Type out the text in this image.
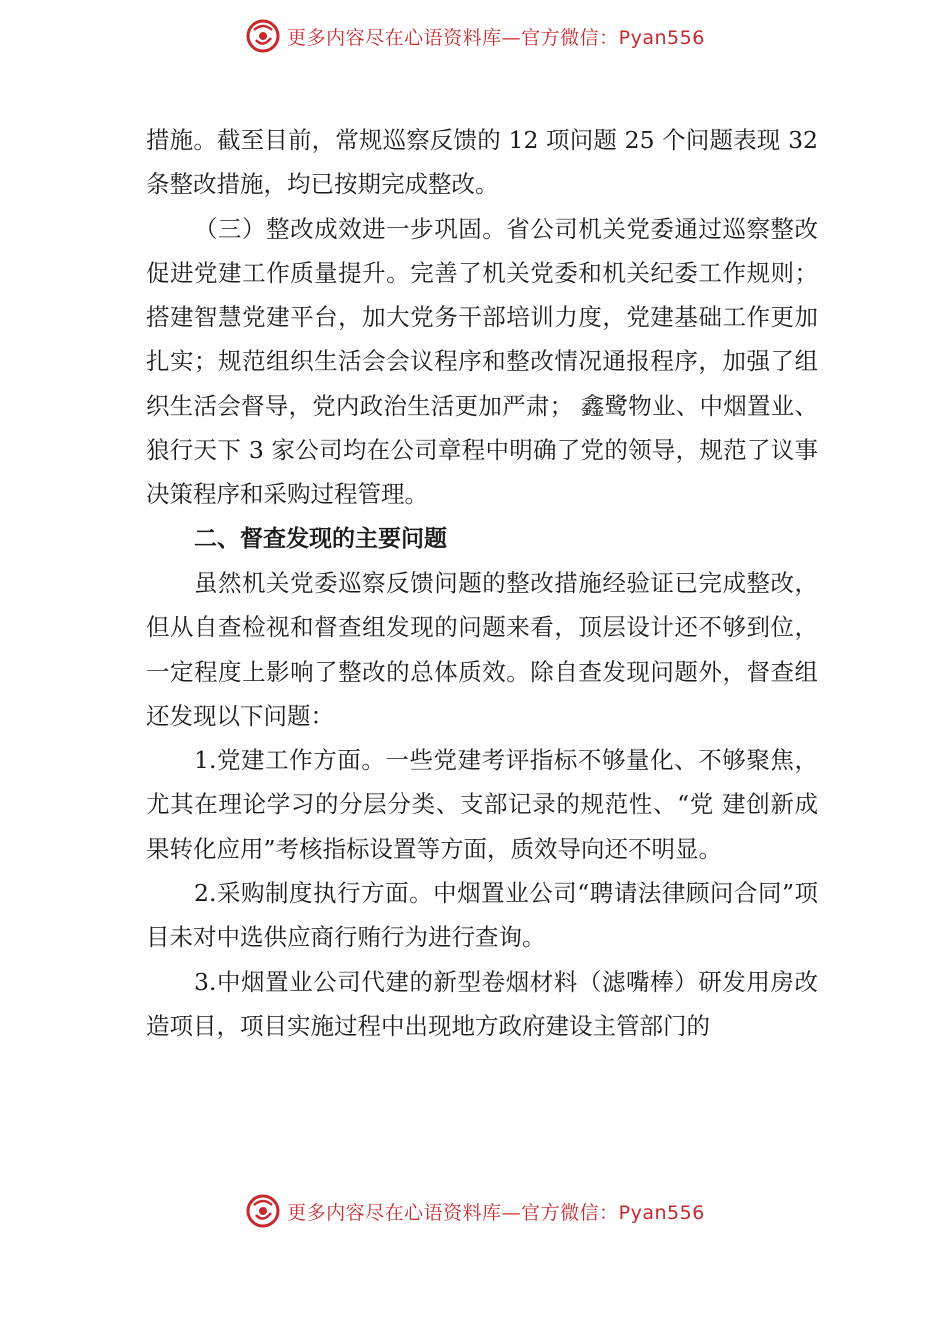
更多内容尽在心语资料库—官方微信：Pyan556

措施。截至目前，常规巡察反馈的 12 项问题 25 个问题表现 32 条整改措施，均已按期完成整改。

（三）整改成效进一步巩固。省公司机关党委通过巡察整改促进党建工作质量提升。完善了机关党委和机关纪委工作规则；搭建智慧党建平台，加大党务干部培训力度，党建基础工作更加扎实；规范组织生活会会议程序和整改情况通报程序，加强了组织生活会督导，党内政治生活更加严肃； 鑫鹭物业、中烟置业、狼行天下 3 家公司均在公司章程中明确了党的领导，规范了议事决策程序和采购过程管理。

二、督查发现的主要问题

虽然机关党委巡察反馈问题的整改措施经验证已完成整改，但从自查检视和督查组发现的问题来看，顶层设计还不够到位，一定程度上影响了整改的总体质效。除自查发现问题外，督查组还发现以下问题：

1.党建工作方面。一些党建考评指标不够量化、不够聚焦，尤其在理论学习的分层分类、支部记录的规范性、“党 建创新成果转化应用”考核指标设置等方面，质效导向还不明显。

2.采购制度执行方面。中烟置业公司“聘请法律顾问合同”项目未对中选供应商行贿行为进行查询。

3.中烟置业公司代建的新型卷烟材料（滤嘴棒）研发用房改造项目，项目实施过程中出现地方政府建设主管部门的

更多内容尽在心语资料库—官方微信：Pyan556
